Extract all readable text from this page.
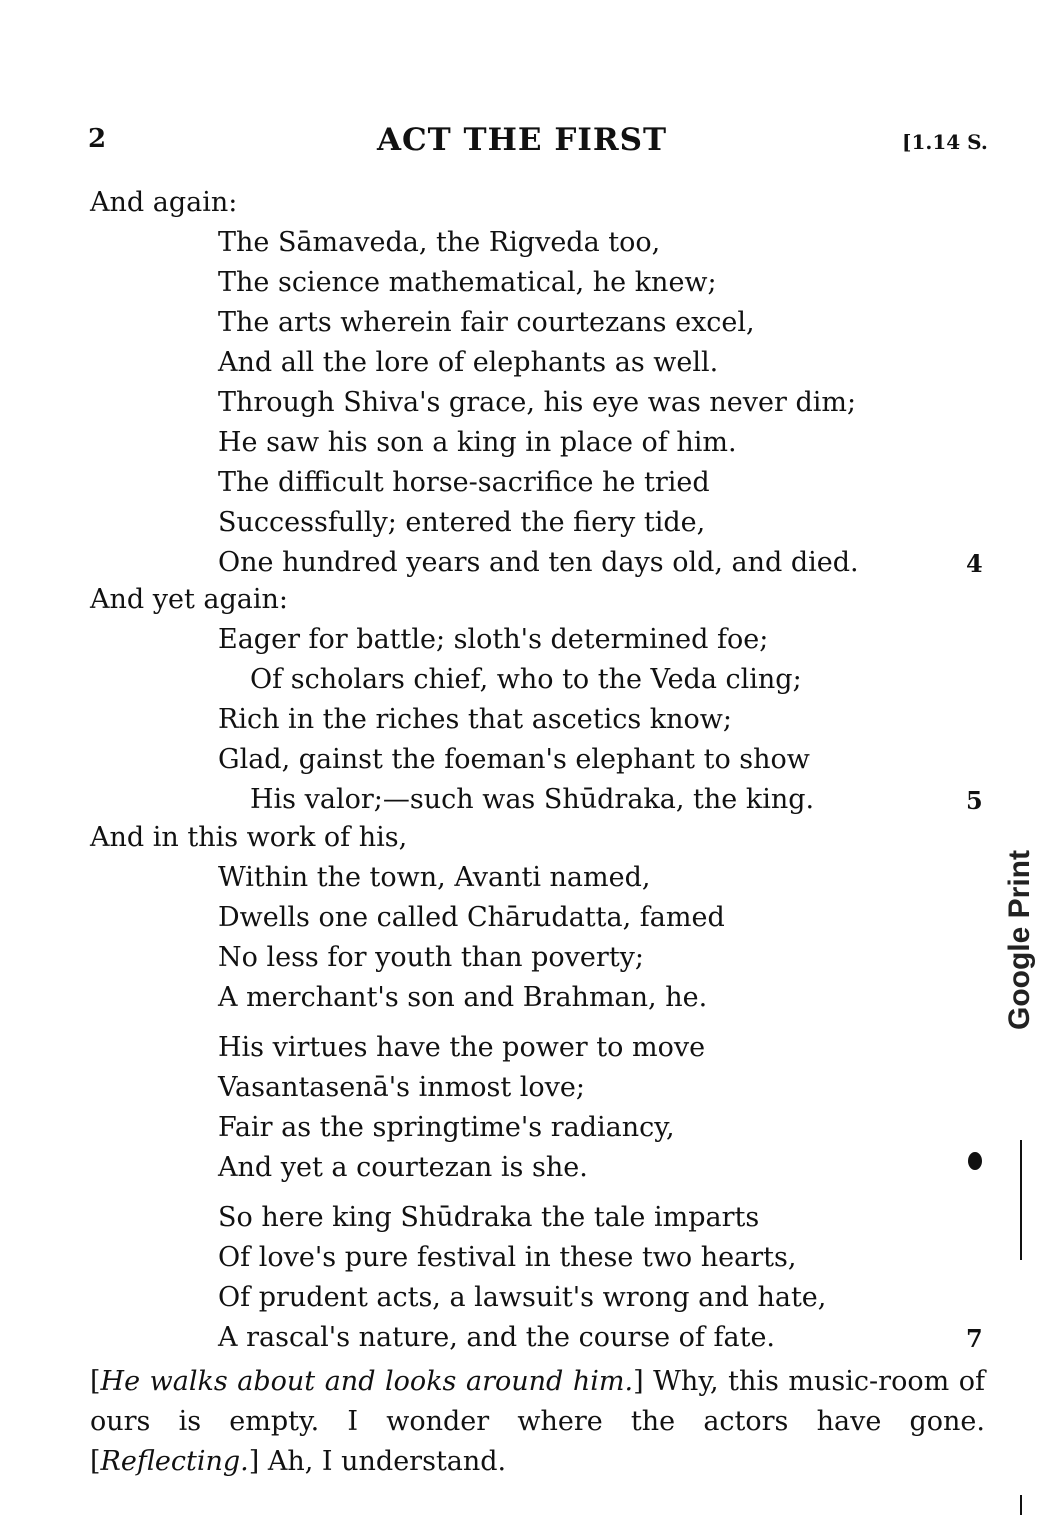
2	ACT THE FIRST	[1.14 S.
And again:
The Sāmaveda, the Rigveda too,
The science mathematical, he knew;
The arts wherein fair courtezans excel,
And all the lore of elephants as well.
Through Shiva's grace, his eye was never dim;
He saw his son a king in place of him.
The difficult horse-sacrifice he tried
Successfully; entered the fiery tide,
One hundred years and ten days old, and died.	4
And yet again:
Eager for battle; sloth's determined foe;
Of scholars chief, who to the Veda cling;
Rich in the riches that ascetics know;
Glad, gainst the foeman's elephant to show
His valor;—such was Shūdraka, the king.	5
And in this work of his,
Within the town, Avanti named,
Dwells one called Chārudatta, famed
No less for youth than poverty;
A merchant's son and Brahman, he.
His virtues have the power to move
Vasantasenā's inmost love;
Fair as the springtime's radiancy,
And yet a courtezan is she.
So here king Shūdraka the tale imparts
Of love's pure festival in these two hearts,
Of prudent acts, a lawsuit's wrong and hate,
A rascal's nature, and the course of fate.	7

[He walks about and looks around him.] Why, this music-room of ours is empty. I wonder where the actors have gone. [Reflecting.] Ah, I understand.

Google Print
